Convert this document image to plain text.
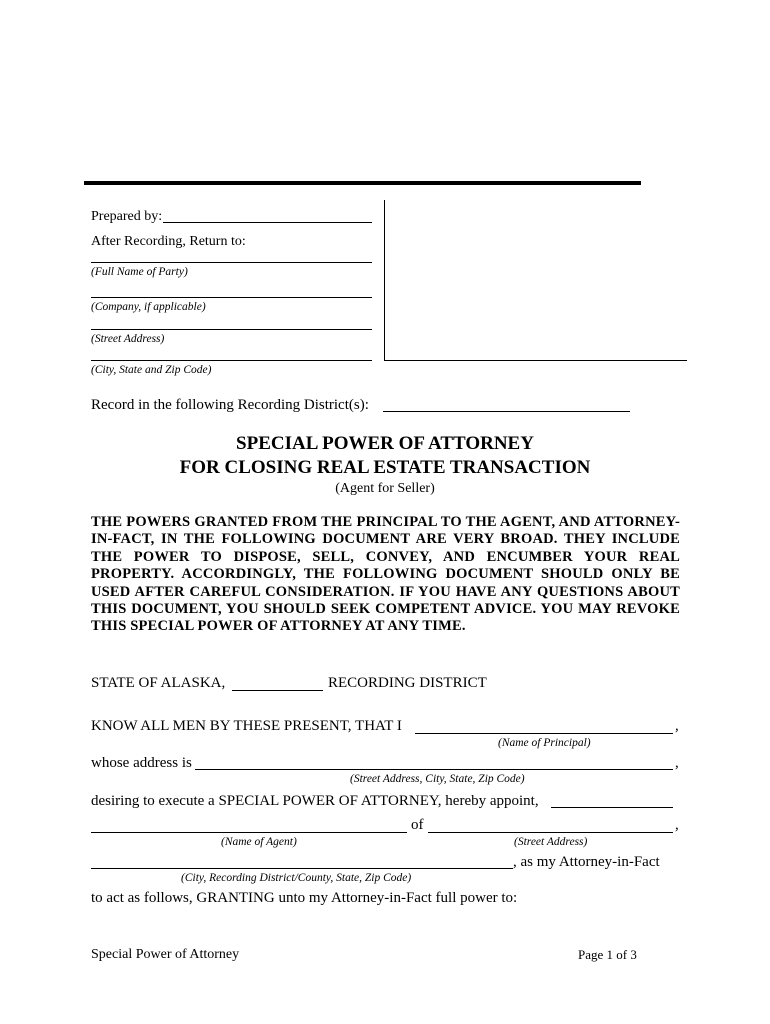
Prepared by:
After Recording, Return to:
(Full Name of Party)
(Company, if applicable)
(Street Address)
(City, State and Zip Code)
Record in the following Recording District(s):
SPECIAL POWER OF ATTORNEY
FOR CLOSING REAL ESTATE TRANSACTION
(Agent for Seller)
THE POWERS GRANTED FROM THE PRINCIPAL TO THE AGENT, AND ATTORNEY-IN-FACT, IN THE FOLLOWING DOCUMENT ARE VERY BROAD. THEY INCLUDE THE POWER TO DISPOSE, SELL, CONVEY, AND ENCUMBER YOUR REAL PROPERTY. ACCORDINGLY, THE FOLLOWING DOCUMENT SHOULD ONLY BE USED AFTER CAREFUL CONSIDERATION. IF YOU HAVE ANY QUESTIONS ABOUT THIS DOCUMENT, YOU SHOULD SEEK COMPETENT ADVICE. YOU MAY REVOKE THIS SPECIAL POWER OF ATTORNEY AT ANY TIME.
STATE OF ALASKA,	RECORDING DISTRICT
KNOW ALL MEN BY THESE PRESENT, THAT I	,
(Name of Principal)
whose address is	,
(Street Address, City, State, Zip Code)
desiring to execute a SPECIAL POWER OF ATTORNEY, hereby appoint,
of	,
(Name of Agent)	(Street Address)
, as my Attorney-in-Fact
(City, Recording District/County, State, Zip Code)
to act as follows, GRANTING unto my Attorney-in-Fact full power to:
Special Power of Attorney	Page 1 of 3
